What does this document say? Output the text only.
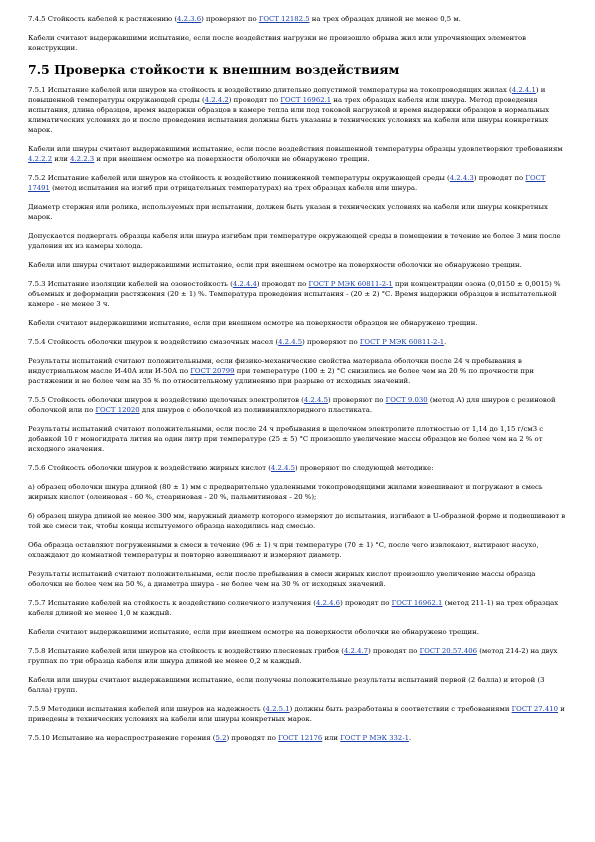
7.4.5 Стойкость кабелей к растяжению (4.2.3.6) проверяют по ГОСТ 12182.5 на трех образцах длиной не менее 0,5 м.
Кабели считают выдержавшими испытание, если после воздействия нагрузки не произошло обрыва жил или упрочняющих элементов конструкции.
7.5 Проверка стойкости к внешним воздействиям
7.5.1 Испытание кабелей или шнуров на стойкость к воздействию длительно допустимой температуры на токопроводящих жилах (4.2.4.1) и повышенной температуры окружающей среды (4.2.4.2) проводят по ГОСТ 16962.1 на трех образцах кабеля или шнура. Метод проведения испытания, длина образцов, время выдержки образцов в камере тепла или под токовой нагрузкой и время выдержки образцов в нормальных климатических условиях до и после проведения испытания должны быть указаны в технических условиях на кабели или шнуры конкретных марок.
Кабели или шнуры считают выдержавшими испытание, если после воздействия повышенной температуры образцы удовлетворяют требованиям 4.2.2.2 или 4.2.2.3 и при внешнем осмотре на поверхности оболочки не обнаружено трещин.
7.5.2 Испытание кабелей или шнуров на стойкость к воздействию пониженной температуры окружающей среды (4.2.4.3) проводят по ГОСТ 17491 (метод испытания на изгиб при отрицательных температурах) на трех образцах кабеля или шнура.
Диаметр стержня или ролика, используемых при испытании, должен быть указан в технических условиях на кабели или шнуры конкретных марок.
Допускается подвергать образцы кабеля или шнура изгибам при температуре окружающей среды в помещении в течение не более 3 мин после удаления их из камеры холода.
Кабели или шнуры считают выдержавшими испытание, если при внешнем осмотре на поверхности оболочки не обнаружено трещин.
7.5.3 Испытание изоляции кабелей на озоностойкость (4.2.4.4) проводят по ГОСТ Р МЭК 60811-2-1 при концентрации озона (0,0150 ± 0,0015) % объемных и деформации растяжения (20 ± 1) %. Температура проведения испытания - (20 ± 2) °С. Время выдержки образцов в испытательной камере - не менее 3 ч.
Кабели считают выдержавшими испытание, если при внешнем осмотре на поверхности образцов не обнаружено трещин.
7.5.4 Стойкость оболочки шнуров к воздействию смазочных масел (4.2.4.5) проверяют по ГОСТ Р МЭК 60811-2-1.
Результаты испытаний считают положительными, если физико-механические свойства материала оболочки после 24 ч пребывания в индустриальном масле И-40А или И-50А по ГОСТ 20799 при температуре (100 ± 2) °С снизились не более чем на 20 % по прочности при растяжении и не более чем на 35 % по относительному удлинению при разрыве от исходных значений.
7.5.5 Стойкость оболочки шнуров к воздействию щелочных электролитов (4.2.4.5) проверяют по ГОСТ 9.030 (метод А) для шнуров с резиновой оболочкой или по ГОСТ 12020 для шнуров с оболочкой из поливинилхлоридного пластиката.
Результаты испытаний считают положительными, если после 24 ч пребывания в щелочном электролите плотностью от 1,14 до 1,15 г/см3 с добавкой 10 г моногидрата лития на один литр при температуре (25 ± 5) °С произошло увеличение массы образцов не более чем на 2 % от исходного значения.
7.5.6 Стойкость оболочки шнуров к воздействию жирных кислот (4.2.4.5) проверяют по следующей методике:
а) образец оболочки шнура длиной (80 ± 1) мм с предварительно удаленными токопроводящими жилами взвешивают и погружают в смесь жирных кислот (олеиновая - 60 %, стеариновая - 20 %, пальмитиновая - 20 %);
б) образец шнура длиной не менее 300 мм, наружный диаметр которого измеряют до испытания, изгибают в U-образной форме и подвешивают в той же смеси так, чтобы концы испытуемого образца находились над смесью.
Оба образца оставляют погруженными в смеси в течение (96 ± 1) ч при температуре (70 ± 1) °С, после чего извлекают, вытирают насухо, охлаждают до комнатной температуры и повторно взвешивают и измеряют диаметр.
Результаты испытаний считают положительными, если после пребывания в смеси жирных кислот произошло увеличение массы образца оболочки не более чем на 50 %, а диаметра шнура - не более чем на 30 % от исходных значений.
7.5.7 Испытание кабелей на стойкость к воздействию солнечного излучения (4.2.4.6) проводят по ГОСТ 16962.1 (метод 211-1) на трех образцах кабеля длиной не менее 1,0 м каждый.
Кабели считают выдержавшими испытание, если при внешнем осмотре на поверхности оболочки не обнаружено трещин.
7.5.8 Испытание кабелей или шнуров на стойкость к воздействию плесневых грибов (4.2.4.7) проводят по ГОСТ 20.57.406 (метод 214-2) на двух группах по три образца кабеля или шнура длиной не менее 0,2 м каждый.
Кабели или шнуры считают выдержавшими испытание, если получены положительные результаты испытаний первой (2 балла) и второй (3 балла) групп.
7.5.9 Методики испытания кабелей или шнуров на надежность (4.2.5.1) должны быть разработаны в соответствии с требованиями ГОСТ 27.410 и приведены в технических условиях на кабели или шнуры конкретных марок.
7.5.10 Испытание на нераспространение горения (5.2) проводят по ГОСТ 12176 или ГОСТ Р МЭК 332-1.
